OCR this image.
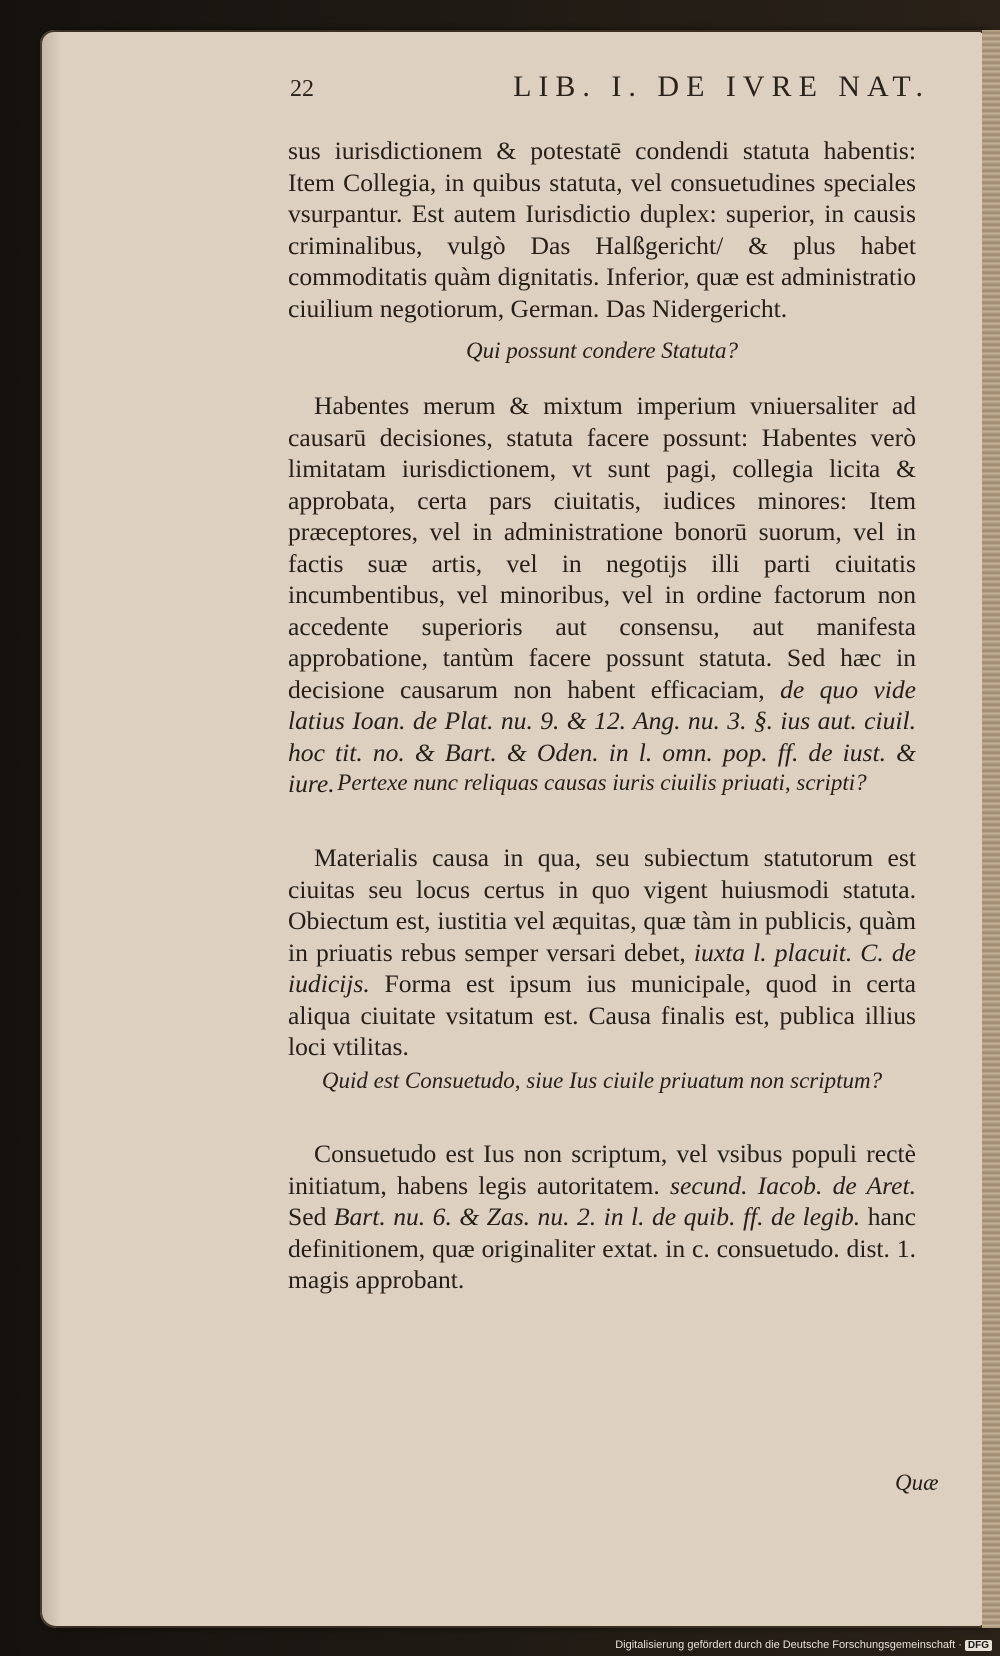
22	LIB. I. DE IVRE NAT.

sus iurisdictionem & potestatē condendi statuta habentis: Item Collegia, in quibus statuta, vel consuetudines speciales vsurpantur. Est autem Iurisdictio duplex: superior, in causis criminalibus, vulgò Das Halßgericht/ & plus habet commoditatis quàm dignitatis. Inferior, quæ est administratio ciuilium negotiorum, German. Das Nidergericht.

Qui possunt condere Statuta?

Habentes merum & mixtum imperium vniuersaliter ad causarū decisiones, statuta facere possunt: Habentes verò limitatam iurisdictionem, vt sunt pagi, collegia licita & approbata, certa pars ciuitatis, iudices minores: Item præceptores, vel in administratione bonorū suorum, vel in factis suæ artis, vel in negotijs illi parti ciuitatis incumbentibus, vel minoribus, vel in ordine factorum non accedente superioris aut consensu, aut manifesta approbatione, tantùm facere possunt statuta. Sed hæc in decisione causarum non habent efficaciam, de quo vide latius Ioan. de Plat. nu. 9. & 12. Ang. nu. 3. §. ius aut. ciuil. hoc tit. no. & Bart. & Oden. in l. omn. pop. ff. de iust. & iure. Pertexe nunc reliquas causas iuris ciuilis priuati, scripti?

Materialis causa in qua, seu subiectum statutorum est ciuitas seu locus certus in quo vigent huiusmodi statuta. Obiectum est, iustitia vel æquitas, quæ tàm in publicis, quàm in priuatis rebus semper versari debet, iuxta l. placuit. C. de iudicijs. Forma est ipsum ius municipale, quod in certa aliqua ciuitate vsitatum est. Causa finalis est, publica illius loci vtilitas.

Quid est Consuetudo, siue Ius ciuile priuatum non scriptum?

Consuetudo est Ius non scriptum, vel vsibus populi rectè initiatum, habens legis autoritatem. secund. Iacob. de Aret. Sed Bart. nu. 6. & Zas. nu. 2. in l. de quib. ff. de legib. hanc definitionem, quæ originaliter extat. in c. consuetudo. dist. 1. magis approbant.

Quæ
Digitalisierung gefördert durch die Deutsche Forschungsgemeinschaft · DFG
